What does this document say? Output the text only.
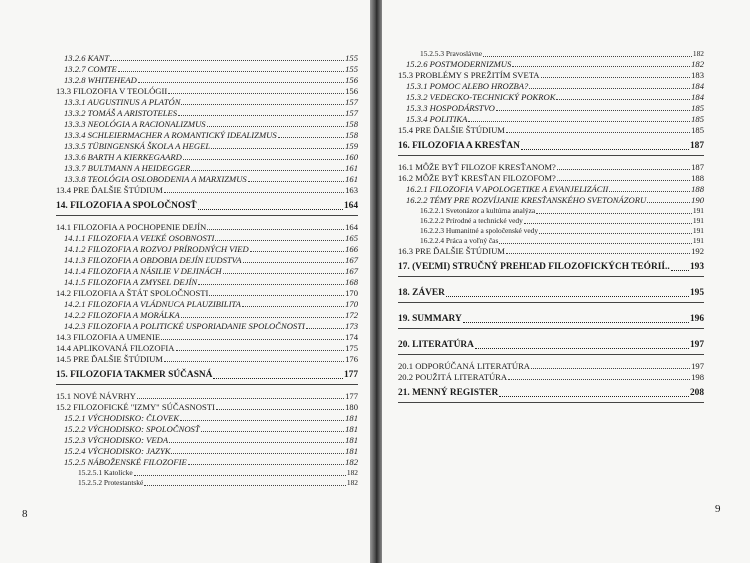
13.2.6 KANT	155
13.2.7 COMTE	155
13.2.8 WHITEHEAD	156
13.3 FILOZOFIA V TEOLÓGII	156
13.3.1 AUGUSTINUS A PLATÓN	157
13.3.2 TOMÁŠ A ARISTOTELES	157
13.3.3 NEOLÓGIA A RACIONALIZMUS	158
13.3.4 SCHLEIERMACHER A ROMANTICKÝ IDEALIZMUS	158
13.3.5 TÜBINGENSKÁ ŠKOLA A HEGEL	159
13.3.6 BARTH A KIERKEGAARD	160
13.3.7 BULTMANN A HEIDEGGER	161
13.3.8 TEOLÓGIA OSLOBODENIA A MARXIZMUS	161
13.4 PRE ĎALŠIE ŠTÚDIUM	163
14. FILOZOFIA A SPOLOČNOSŤ	164
14.1 FILOZOFIA A POCHOPENIE DEJÍN	164
14.1.1 FILOZOFIA A VEĽKÉ OSOBNOSTI	165
14.1.2 FILOZOFIA A ROZVOJ PRÍRODNÝCH VIED	166
14.1.3 FILOZOFIA A OBDOBIA DEJÍN ĽUDSTVA	167
14.1.4 FILOZOFIA A NÁSILIE V DEJINÁCH	167
14.1.5 FILOZOFIA A ZMYSEL DEJÍN	168
14.2 FILOZOFIA A ŠTÁT SPOLOČNOSTI	170
14.2.1 FILOZOFIA A VLÁDNUCA PLAUZIBILITA	170
14.2.2 FILOZOFIA A MORÁLKA	172
14.2.3 FILOZOFIA A POLITICKÉ USPORIADANIE SPOLOČNOSTI	173
14.3 FILOZOFIA A UMENIE	174
14.4 APLIKOVANÁ FILOZOFIA	175
14.5 PRE ĎALŠIE ŠTÚDIUM	176
15. FILOZOFIA TAKMER SÚČASNÁ	177
15.1 NOVÉ NÁVRHY	177
15.2 FILOZOFICKÉ "IZMY" SÚČASNOSTI	180
15.2.1 VÝCHODISKO: ČLOVEK	181
15.2.2 VÝCHODISKO: SPOLOČNOSŤ	181
15.2.3 VÝCHODISKO: VEDA	181
15.2.4 VÝCHODISKO: JAZYK	181
15.2.5 NÁBOŽENSKÉ FILOZOFIE	182
15.2.5.1 Katolícke	182
15.2.5.2 Protestantské	182
8
15.2.5.3 Pravoslávne	182
15.2.6 POSTMODERNIZMUS	182
15.3 PROBLÉMY S PREŽITÍM SVETA	183
15.3.1 POMOC ALEBO HROZBA?	184
15.3.2 VEDECKO-TECHNICKÝ POKROK	184
15.3.3 HOSPODÁRSTVO	185
15.3.4 POLITIKA	185
15.4 PRE ĎALŠIE ŠTÚDIUM	185
16. FILOZOFIA A KRESŤAN	187
16.1 MÔŽE BYŤ FILOZOF KRESŤANOM?	187
16.2 MÔŽE BYŤ KRESŤAN FILOZOFOM?	188
16.2.1 FILOZOFIA V APOLOGETIKE A EVANJELIZÁCII	188
16.2.2 TÉMY PRE ROZVÍJANIE KRESŤANSKÉHO SVETONÁZORU	190
16.2.2.1 Svetonázor a kultúrna analýza	191
16.2.2.2 Prírodné a technické vedy	191
16.2.2.3 Humanitné a spoločenské vedy	191
16.2.2.4 Práca a voľný čas	191
16.3 PRE ĎALŠIE ŠTÚDIUM	192
17. (VEĽMI) STRUČNÝ PREHĽAD FILOZOFICKÝCH TEÓRIÍ.. 193
18. ZÁVER	195
19. SUMMARY	196
20. LITERATÚRA	197
20.1 ODPORÚČANÁ LITERATÚRA	197
20.2 POUŽITÁ LITERATÚRA	198
21. MENNÝ REGISTER	208
9
